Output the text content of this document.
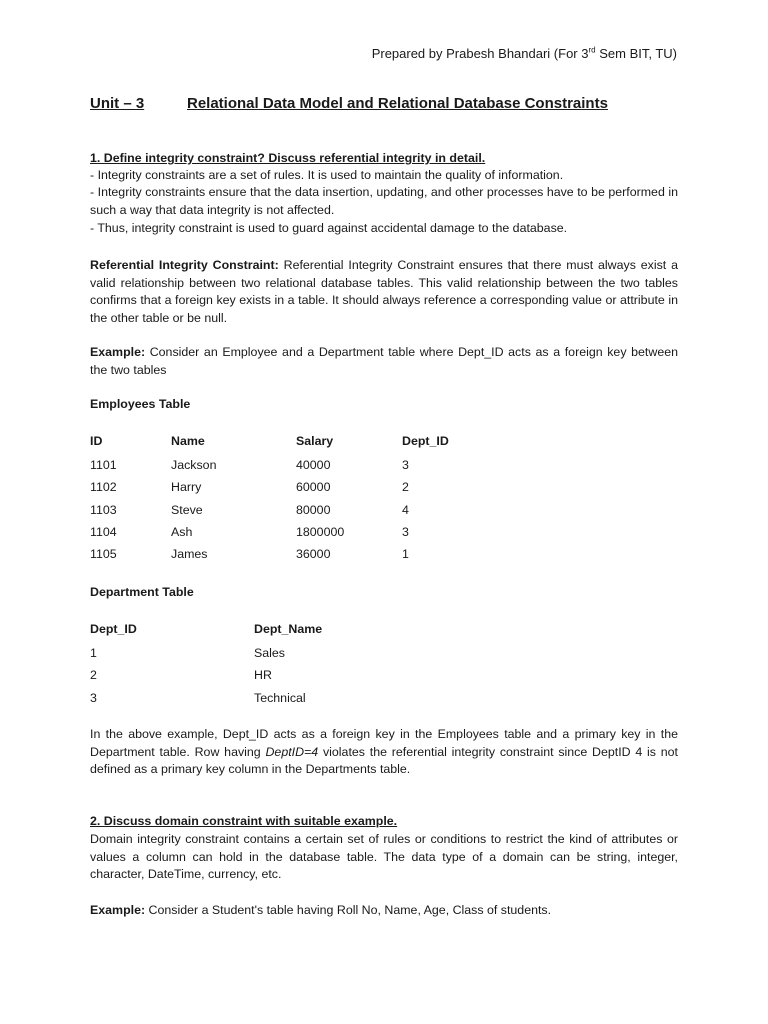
Prepared by Prabesh Bhandari (For 3rd Sem BIT, TU)
Unit – 3	Relational Data Model and Relational Database Constraints
1. Define integrity constraint? Discuss referential integrity in detail.
- Integrity constraints are a set of rules. It is used to maintain the quality of information.
- Integrity constraints ensure that the data insertion, updating, and other processes have to be performed in such a way that data integrity is not affected.
- Thus, integrity constraint is used to guard against accidental damage to the database.
Referential Integrity Constraint: Referential Integrity Constraint ensures that there must always exist a valid relationship between two relational database tables. This valid relationship between the two tables confirms that a foreign key exists in a table. It should always reference a corresponding value or attribute in the other table or be null.
Example: Consider an Employee and a Department table where Dept_ID acts as a foreign key between the two tables
Employees Table
ID	Name	Salary	Dept_ID
1101	Jackson	40000	3
1102	Harry	60000	2
1103	Steve	80000	4
1104	Ash	1800000	3
1105	James	36000	1
Department Table
Dept_ID	Dept_Name
1	Sales
2	HR
3	Technical
In the above example, Dept_ID acts as a foreign key in the Employees table and a primary key in the Department table. Row having DeptID=4 violates the referential integrity constraint since DeptID 4 is not defined as a primary key column in the Departments table.
2. Discuss domain constraint with suitable example.
Domain integrity constraint contains a certain set of rules or conditions to restrict the kind of attributes or values a column can hold in the database table. The data type of a domain can be string, integer, character, DateTime, currency, etc.
Example: Consider a Student's table having Roll No, Name, Age, Class of students.
